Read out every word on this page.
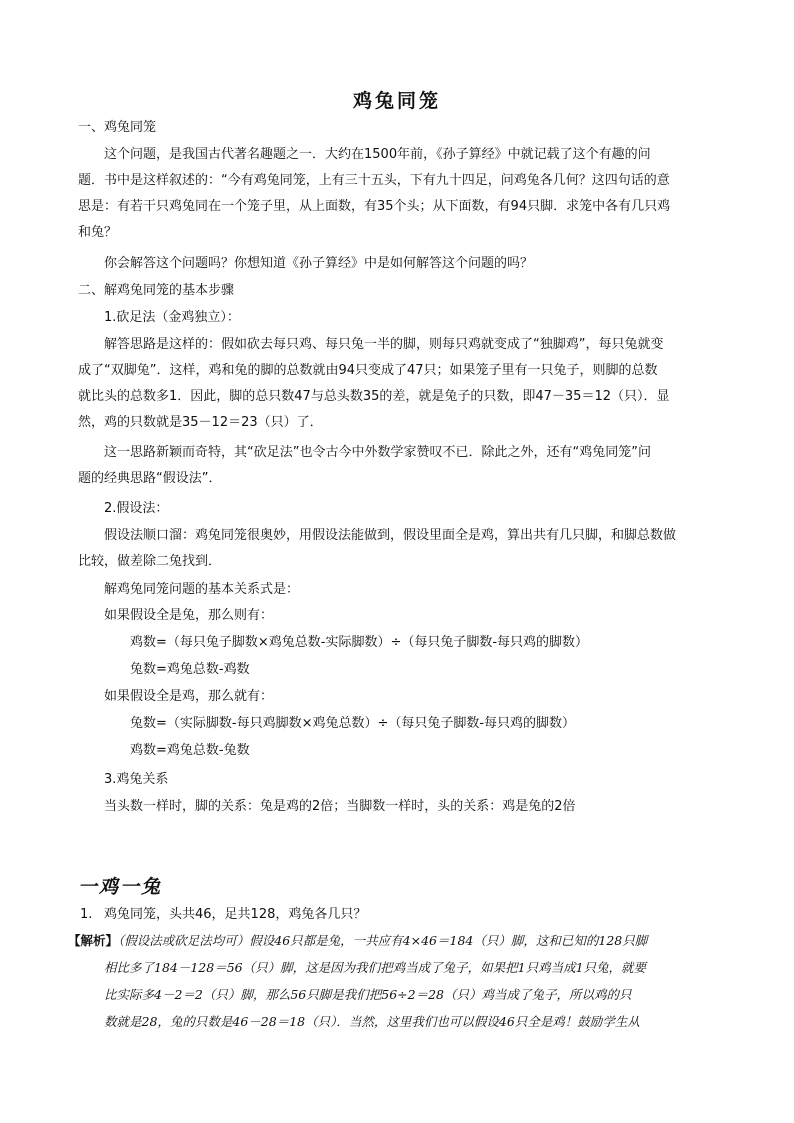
鸡兔同笼
一、鸡兔同笼
这个问题，是我国古代著名趣题之一．大约在1500年前，《孙子算经》中就记载了这个有趣的问
题．书中是这样叙述的：“今有鸡兔同笼，上有三十五头，下有九十四足，问鸡兔各几何？这四句话的意
思是：有若干只鸡兔同在一个笼子里，从上面数，有35个头；从下面数，有94只脚．求笼中各有几只鸡
和兔？
你会解答这个问题吗？你想知道《孙子算经》中是如何解答这个问题的吗？
二、解鸡兔同笼的基本步骤
1.砍足法（金鸡独立）：
解答思路是这样的：假如砍去每只鸡、每只兔一半的脚，则每只鸡就变成了“独脚鸡”，每只兔就变
成了“双脚兔”．这样，鸡和兔的脚的总数就由94只变成了47只；如果笼子里有一只兔子，则脚的总数
就比头的总数多1．因此，脚的总只数47与总头数35的差，就是兔子的只数，即47－35＝12（只）．显
然，鸡的只数就是35－12＝23（只）了．
这一思路新颖而奇特，其“砍足法”也令古今中外数学家赞叹不已．除此之外，还有“鸡兔同笼”问
题的经典思路“假设法”．
2.假设法：
假设法顺口溜：鸡兔同笼很奥妙，用假设法能做到，假设里面全是鸡，算出共有几只脚，和脚总数做
比较，做差除二兔找到．
解鸡兔同笼问题的基本关系式是：
如果假设全是兔，那么则有：
鸡数=（每只兔子脚数×鸡兔总数-实际脚数）÷（每只兔子脚数-每只鸡的脚数）
兔数=鸡兔总数-鸡数
如果假设全是鸡，那么就有：
兔数=（实际脚数-每只鸡脚数×鸡兔总数）÷（每只兔子脚数-每只鸡的脚数）
鸡数=鸡兔总数-兔数
3.鸡兔关系
当头数一样时，脚的关系：兔是鸡的2倍；当脚数一样时，头的关系：鸡是兔的2倍
一鸡一兔
1. 鸡兔同笼，头共46，足共128，鸡兔各几只？
【解析】（假设法或砍足法均可）假设46只都是兔，一共应有4×46＝184（只）脚，这和已知的128只脚
相比多了184－128＝56（只）脚，这是因为我们把鸡当成了兔子，如果把1只鸡当成1只兔，就要
比实际多4－2＝2（只）脚，那么56只脚是我们把56÷2＝28（只）鸡当成了兔子，所以鸡的只
数就是28，兔的只数是46－28＝18（只）．当然，这里我们也可以假设46只全是鸡！鼓励学生从
